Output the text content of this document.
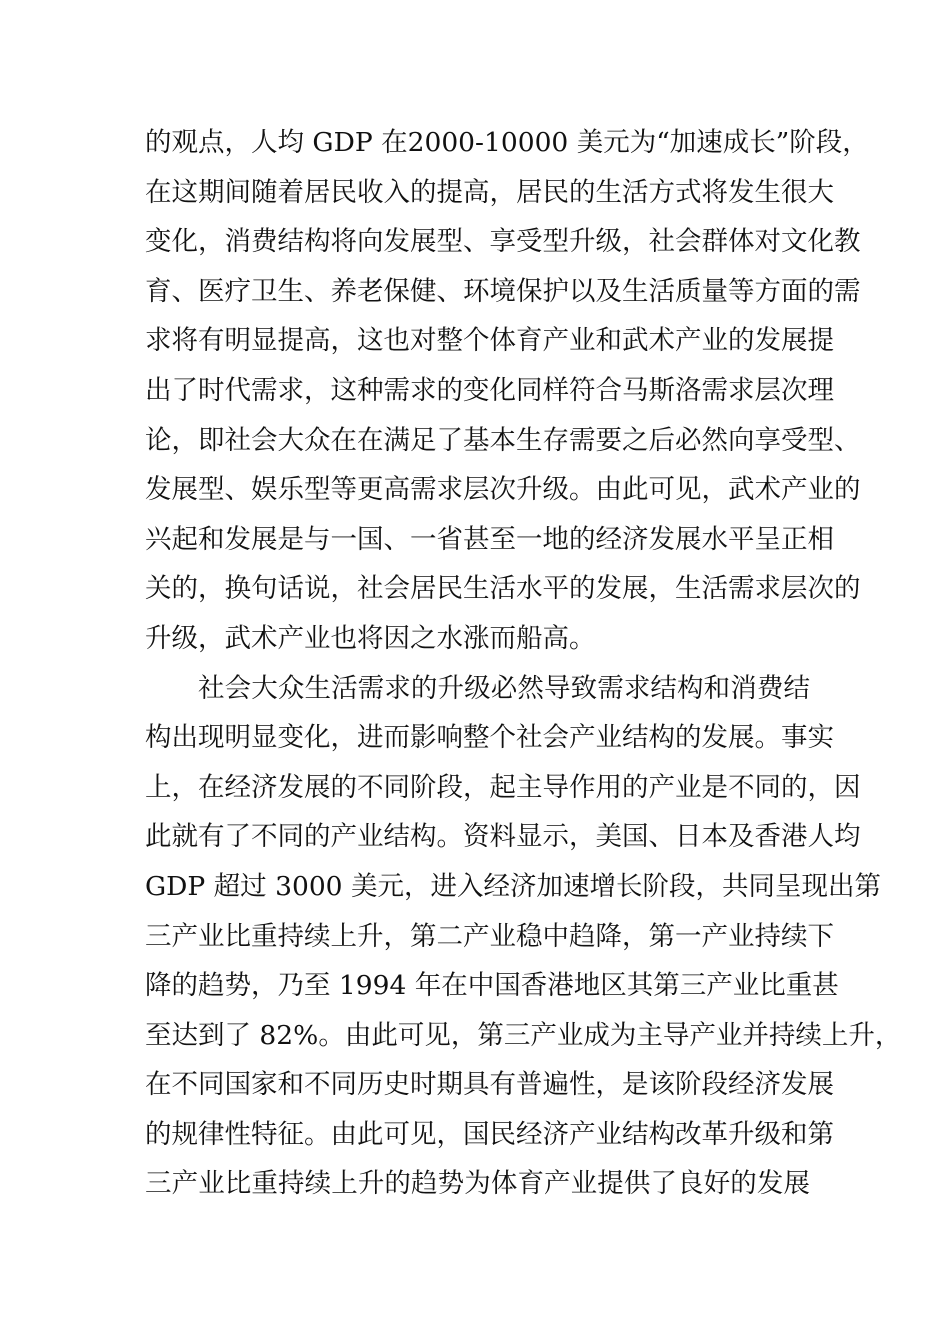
的观点，人均 GDP 在2000-10000 美元为“加速成长”阶段，
在这期间随着居民收入的提高，居民的生活方式将发生很大
变化，消费结构将向发展型、享受型升级，社会群体对文化教
育、医疗卫生、养老保健、环境保护以及生活质量等方面的需
求将有明显提高，这也对整个体育产业和武术产业的发展提
出了时代需求，这种需求的变化同样符合马斯洛需求层次理
论，即社会大众在在满足了基本生存需要之后必然向享受型、
发展型、娱乐型等更高需求层次升级。由此可见，武术产业的
兴起和发展是与一国、一省甚至一地的经济发展水平呈正相
关的，换句话说，社会居民生活水平的发展，生活需求层次的
升级，武术产业也将因之水涨而船高。
社会大众生活需求的升级必然导致需求结构和消费结
构出现明显变化，进而影响整个社会产业结构的发展。事实
上，在经济发展的不同阶段，起主导作用的产业是不同的，因
此就有了不同的产业结构。资料显示，美国、日本及香港人均
GDP 超过 3000 美元，进入经济加速增长阶段，共同呈现出第
三产业比重持续上升，第二产业稳中趋降，第一产业持续下
降的趋势，乃至 1994 年在中国香港地区其第三产业比重甚
至达到了 82%。由此可见，第三产业成为主导产业并持续上升，
在不同国家和不同历史时期具有普遍性，是该阶段经济发展
的规律性特征。由此可见，国民经济产业结构改革升级和第
三产业比重持续上升的趋势为体育产业提供了良好的发展
